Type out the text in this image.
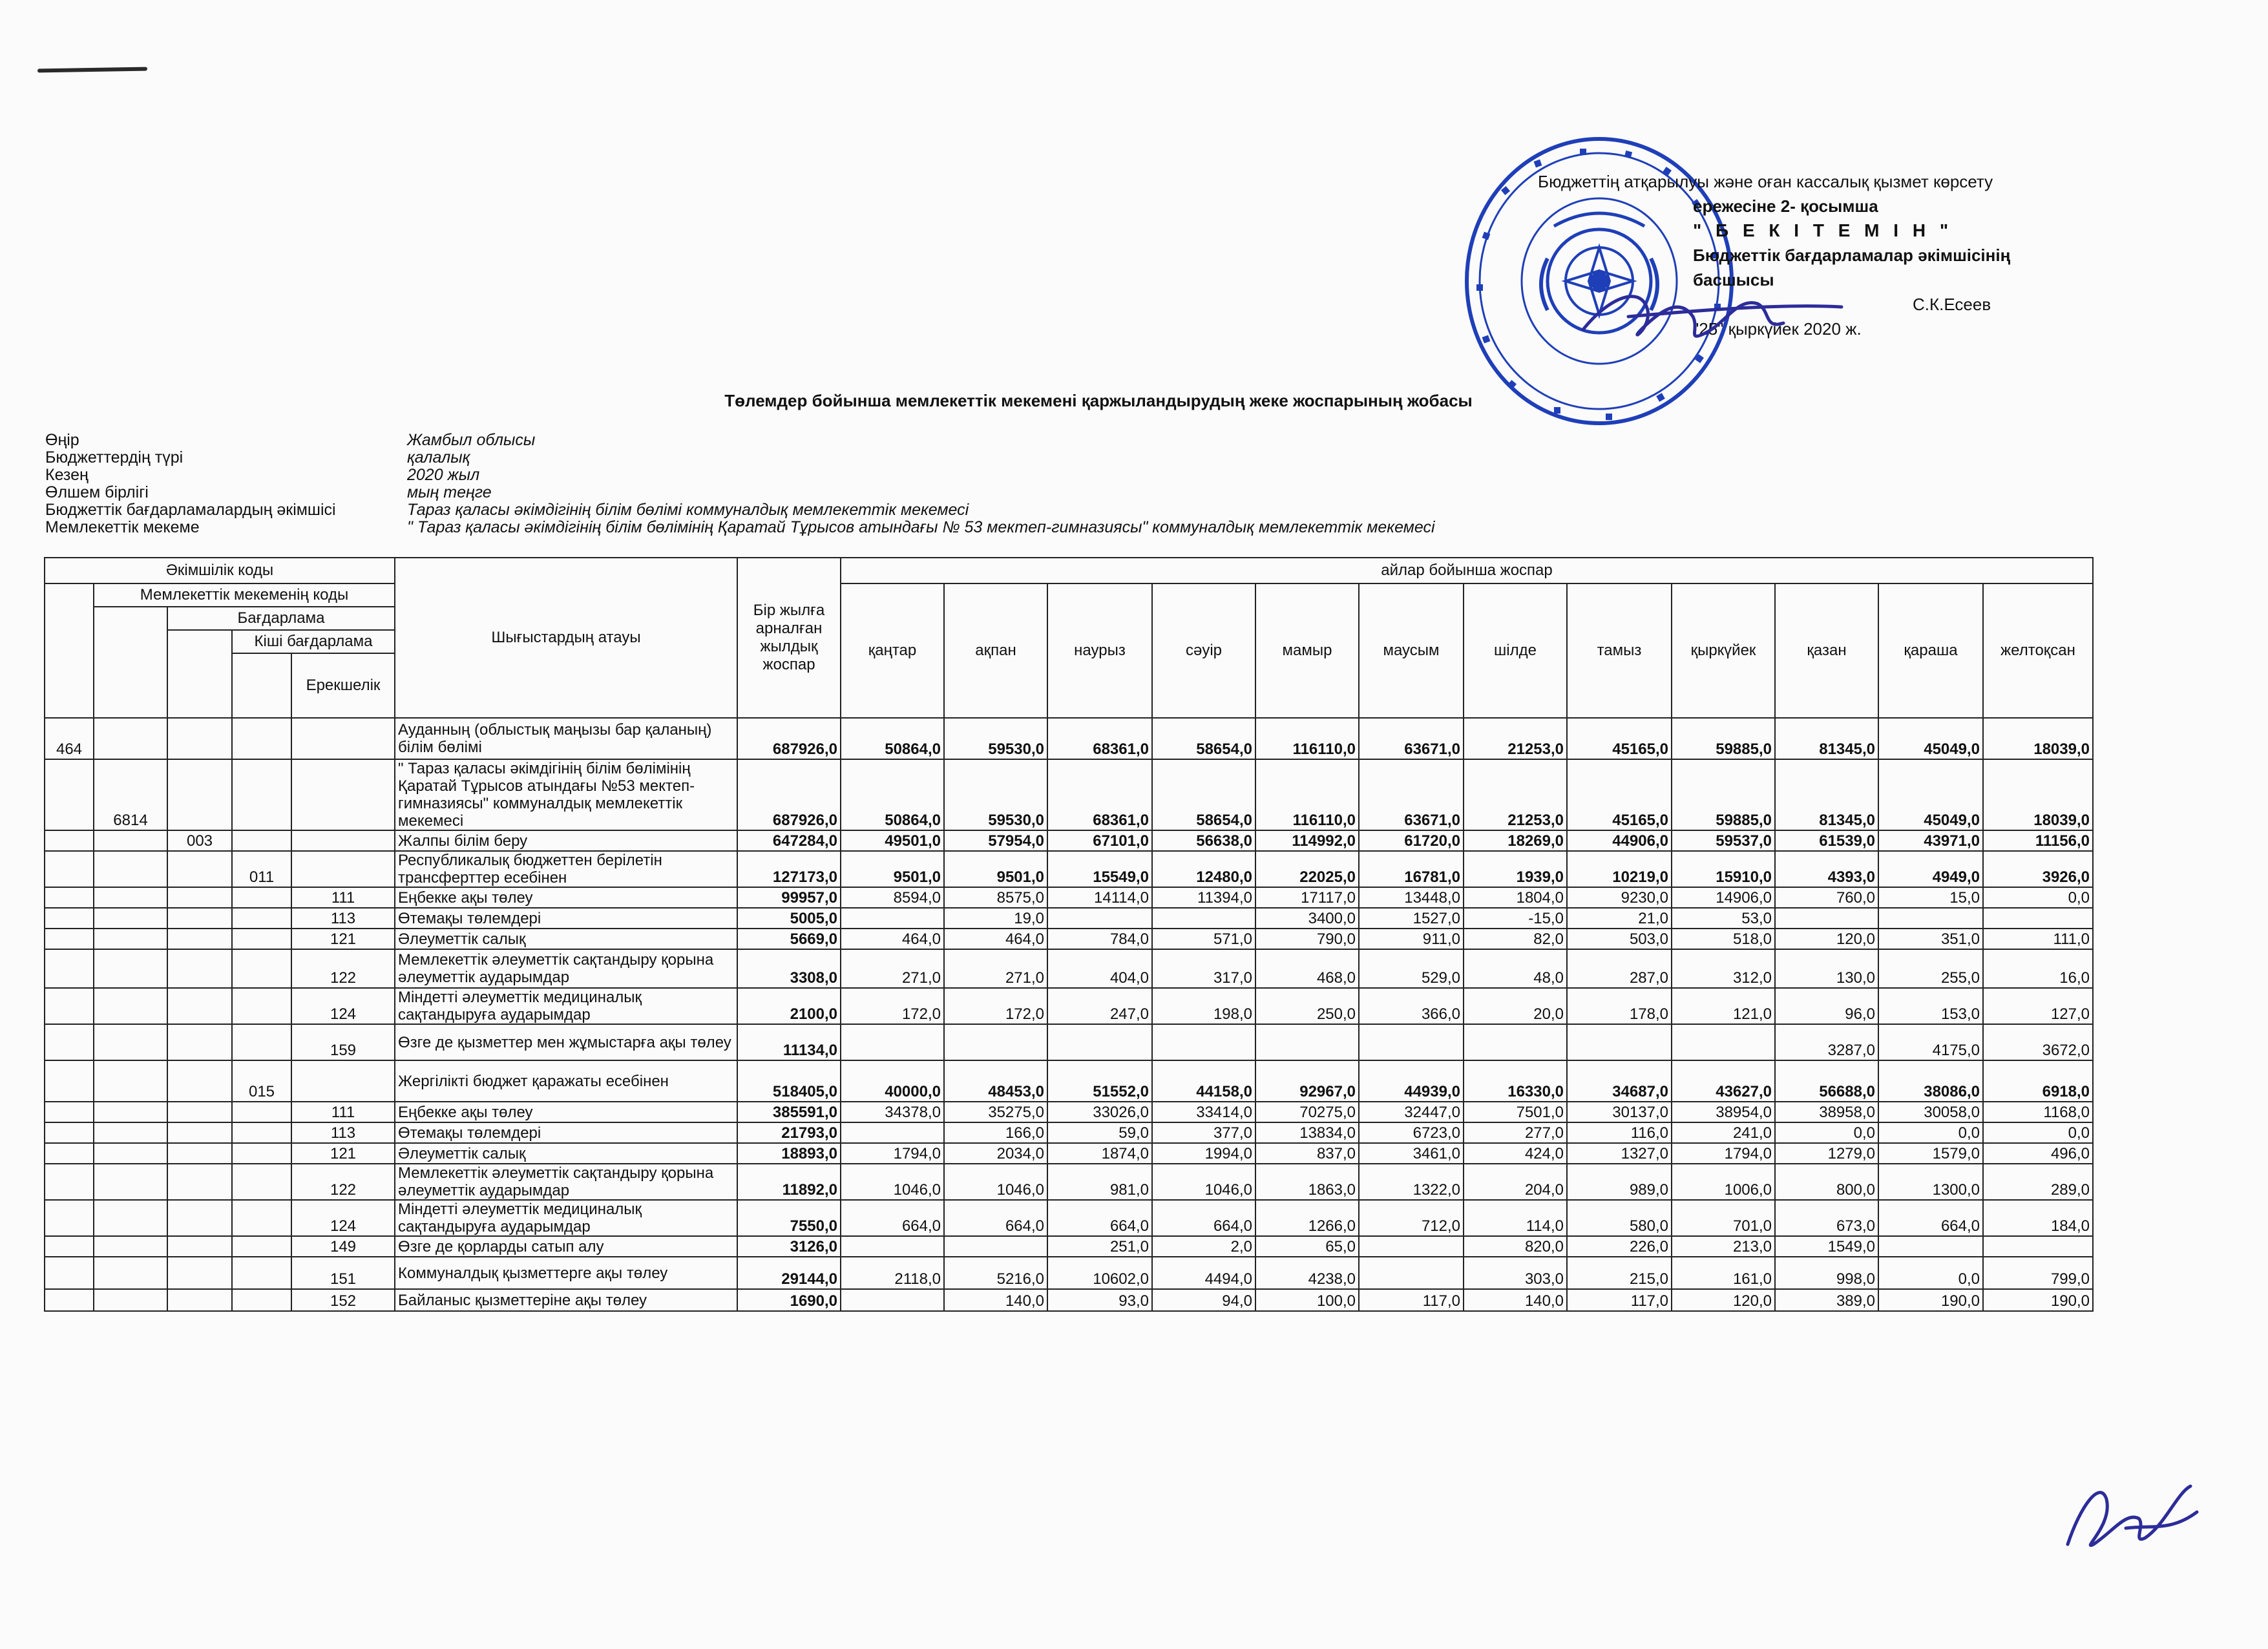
Бюджеттің атқарылуы және оған кассалық қызмет көрсету
ережесіне 2- қосымша
" Б Е К І Т Е М І Н "
Бюджеттік бағдарламалар әкімшісінің
басшысы
С.К.Есеев
"25" қыркүйек 2020 ж.
Төлемдер бойынша мемлекеттік мекемені қаржыландырудың жеке жоспарының жобасы
Өңір	Жамбыл облысы
Бюджеттердің түрі	қалалық
Кезең	2020 жыл
Өлшем бірлігі	мың теңге
Бюджеттік бағдарламалардың әкімшісі	Тараз қаласы әкімдігінің білім бөлімі коммуналдық мемлекеттік мекемесі
Мемлекеттік мекеме	" Тараз қаласы әкімдігінің білім бөлімінің Қаратай Тұрысов атындағы № 53 мектеп-гимназиясы" коммуналдық мемлекеттік мекемесі
Әкімшілік коды					Шығыстардың атауы	Бір жылға арналған жылдық жоспар	айлар бойынша жоспар											
	Мемлекеттік мекеменің коды						қаңтар	ақпан	наурыз	сәуір	мамыр	маусым	шілде	тамыз	қыркүйек	қазан	қараша	желтоқсан
		Бағдарлама																
			Кіші бағдарлама															
				Ерекшелік														
464					Ауданның (облыстық маңызы бар қаланың) білім бөлімі	687926,0	50864,0	59530,0	68361,0	58654,0	116110,0	63671,0	21253,0	45165,0	59885,0	81345,0	45049,0	18039,0
	6814				" Тараз қаласы әкімдігінің білім бөлімінің Қаратай Тұрысов атындағы №53 мектеп-гимназиясы" коммуналдық мемлекеттік мекемесі	687926,0	50864,0	59530,0	68361,0	58654,0	116110,0	63671,0	21253,0	45165,0	59885,0	81345,0	45049,0	18039,0
		003			Жалпы білім беру	647284,0	49501,0	57954,0	67101,0	56638,0	114992,0	61720,0	18269,0	44906,0	59537,0	61539,0	43971,0	11156,0
			011		Республикалық бюджеттен берілетін трансферттер есебінен	127173,0	9501,0	9501,0	15549,0	12480,0	22025,0	16781,0	1939,0	10219,0	15910,0	4393,0	4949,0	3926,0
				111	Еңбекке ақы төлеу	99957,0	8594,0	8575,0	14114,0	11394,0	17117,0	13448,0	1804,0	9230,0	14906,0	760,0	15,0	0,0
				113	Өтемақы төлемдері	5005,0		19,0			3400,0	1527,0	-15,0	21,0	53,0			
				121	Әлеуметтік салық	5669,0	464,0	464,0	784,0	571,0	790,0	911,0	82,0	503,0	518,0	120,0	351,0	111,0
				122	Мемлекеттік әлеуметтік сақтандыру қорына әлеуметтік аударымдар	3308,0	271,0	271,0	404,0	317,0	468,0	529,0	48,0	287,0	312,0	130,0	255,0	16,0
				124	Міндетті әлеуметтік медициналық сақтандыруға аударымдар	2100,0	172,0	172,0	247,0	198,0	250,0	366,0	20,0	178,0	121,0	96,0	153,0	127,0
				159	Өзге де қызметтер мен жұмыстарға ақы төлеу	11134,0										3287,0	4175,0	3672,0
			015		Жергілікті бюджет қаражаты есебінен	518405,0	40000,0	48453,0	51552,0	44158,0	92967,0	44939,0	16330,0	34687,0	43627,0	56688,0	38086,0	6918,0
				111	Еңбекке ақы төлеу	385591,0	34378,0	35275,0	33026,0	33414,0	70275,0	32447,0	7501,0	30137,0	38954,0	38958,0	30058,0	1168,0
				113	Өтемақы төлемдері	21793,0		166,0	59,0	377,0	13834,0	6723,0	277,0	116,0	241,0	0,0	0,0	0,0
				121	Әлеуметтік салық	18893,0	1794,0	2034,0	1874,0	1994,0	837,0	3461,0	424,0	1327,0	1794,0	1279,0	1579,0	496,0
				122	Мемлекеттік әлеуметтік сақтандыру қорына әлеуметтік аударымдар	11892,0	1046,0	1046,0	981,0	1046,0	1863,0	1322,0	204,0	989,0	1006,0	800,0	1300,0	289,0
				124	Міндетті әлеуметтік медициналық сақтандыруға аударымдар	7550,0	664,0	664,0	664,0	664,0	1266,0	712,0	114,0	580,0	701,0	673,0	664,0	184,0
				149	Өзге де қорларды сатып алу	3126,0			251,0	2,0	65,0		820,0	226,0	213,0	1549,0		
				151	Коммуналдық қызметтерге ақы төлеу	29144,0	2118,0	5216,0	10602,0	4494,0	4238,0		303,0	215,0	161,0	998,0	0,0	799,0
				152	Байланыс қызметтеріне ақы төлеу	1690,0		140,0	93,0	94,0	100,0	117,0	140,0	117,0	120,0	389,0	190,0	190,0
